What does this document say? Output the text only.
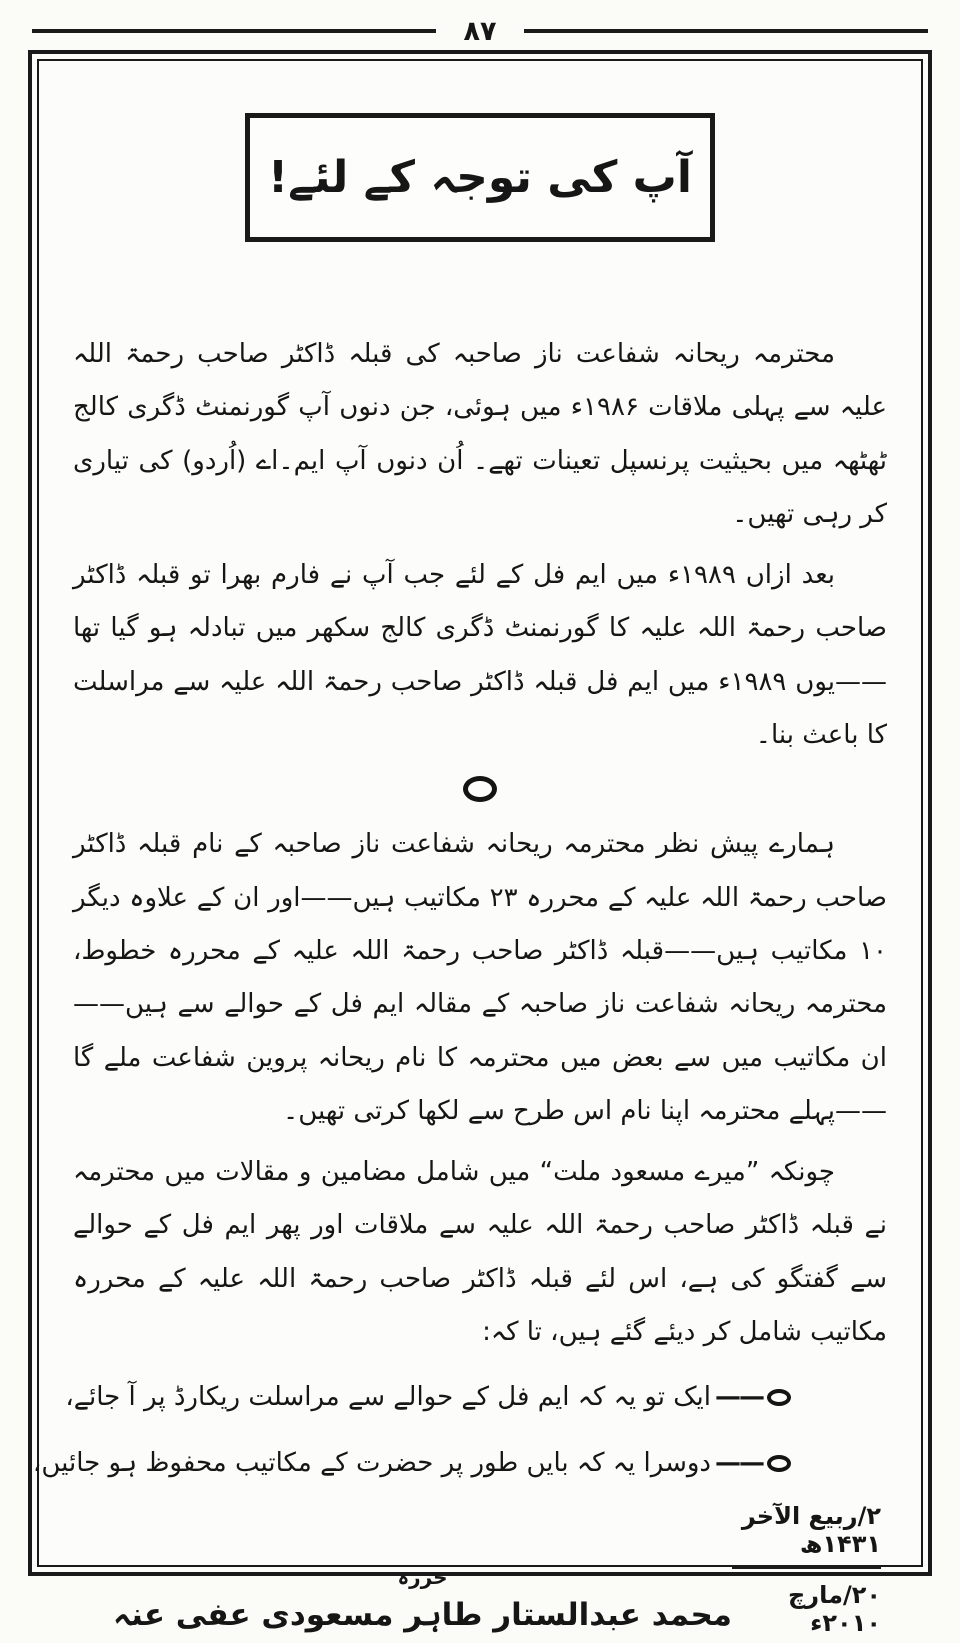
۸۷
آپ کی توجہ کے لئے!

محترمہ ریحانہ شفاعت ناز صاحبہ کی قبلہ ڈاکٹر صاحب رحمۃ اللہ علیہ سے پہلی ملاقات ۱۹۸۶ء میں ہوئی، جن دنوں آپ گورنمنٹ ڈگری کالج ٹھٹھہ میں بحیثیت پرنسپل تعینات تھے۔ اُن دنوں آپ ایم۔اے (اُردو) کی تیاری کر رہی تھیں۔

بعد ازاں ۱۹۸۹ء میں ایم فل کے لئے جب آپ نے فارم بھرا تو قبلہ ڈاکٹر صاحب رحمۃ اللہ علیہ کا گورنمنٹ ڈگری کالج سکھر میں تبادلہ ہو گیا تھا——یوں ۱۹۸۹ء میں ایم فل قبلہ ڈاکٹر صاحب رحمۃ اللہ علیہ سے مراسلت کا باعث بنا۔

ہمارے پیش نظر محترمہ ریحانہ شفاعت ناز صاحبہ کے نام قبلہ ڈاکٹر صاحب رحمۃ اللہ علیہ کے محررہ ۲۳ مکاتیب ہیں——اور ان کے علاوہ دیگر ۱۰ مکاتیب ہیں——قبلہ ڈاکٹر صاحب رحمۃ اللہ علیہ کے محررہ خطوط، محترمہ ریحانہ شفاعت ناز صاحبہ کے مقالہ ایم فل کے حوالے سے ہیں——ان مکاتیب میں سے بعض میں محترمہ کا نام ریحانہ پروین شفاعت ملے گا——پہلے محترمہ اپنا نام اس طرح سے لکھا کرتی تھیں۔

چونکہ ”میرے مسعود ملت“ میں شامل مضامین و مقالات میں محترمہ نے قبلہ ڈاکٹر صاحب رحمۃ اللہ علیہ سے ملاقات اور پھر ایم فل کے حوالے سے گفتگو کی ہے، اس لئے قبلہ ڈاکٹر صاحب رحمۃ اللہ علیہ کے محررہ مکاتیب شامل کر دیئے گئے ہیں، تا کہ:

——
ایک تو یہ کہ ایم فل کے حوالے سے مراسلت ریکارڈ پر آ جائے،
——
دوسرا یہ کہ بایں طور پر حضرت کے مکاتیب محفوظ ہو جائیں،
۲/ربیع الآخر ۱۴۳۱ھ
۲۰/مارچ ۲۰۱۰ء
حررہ
محمد عبدالستار طاہر مسعودی عفی عنہ
